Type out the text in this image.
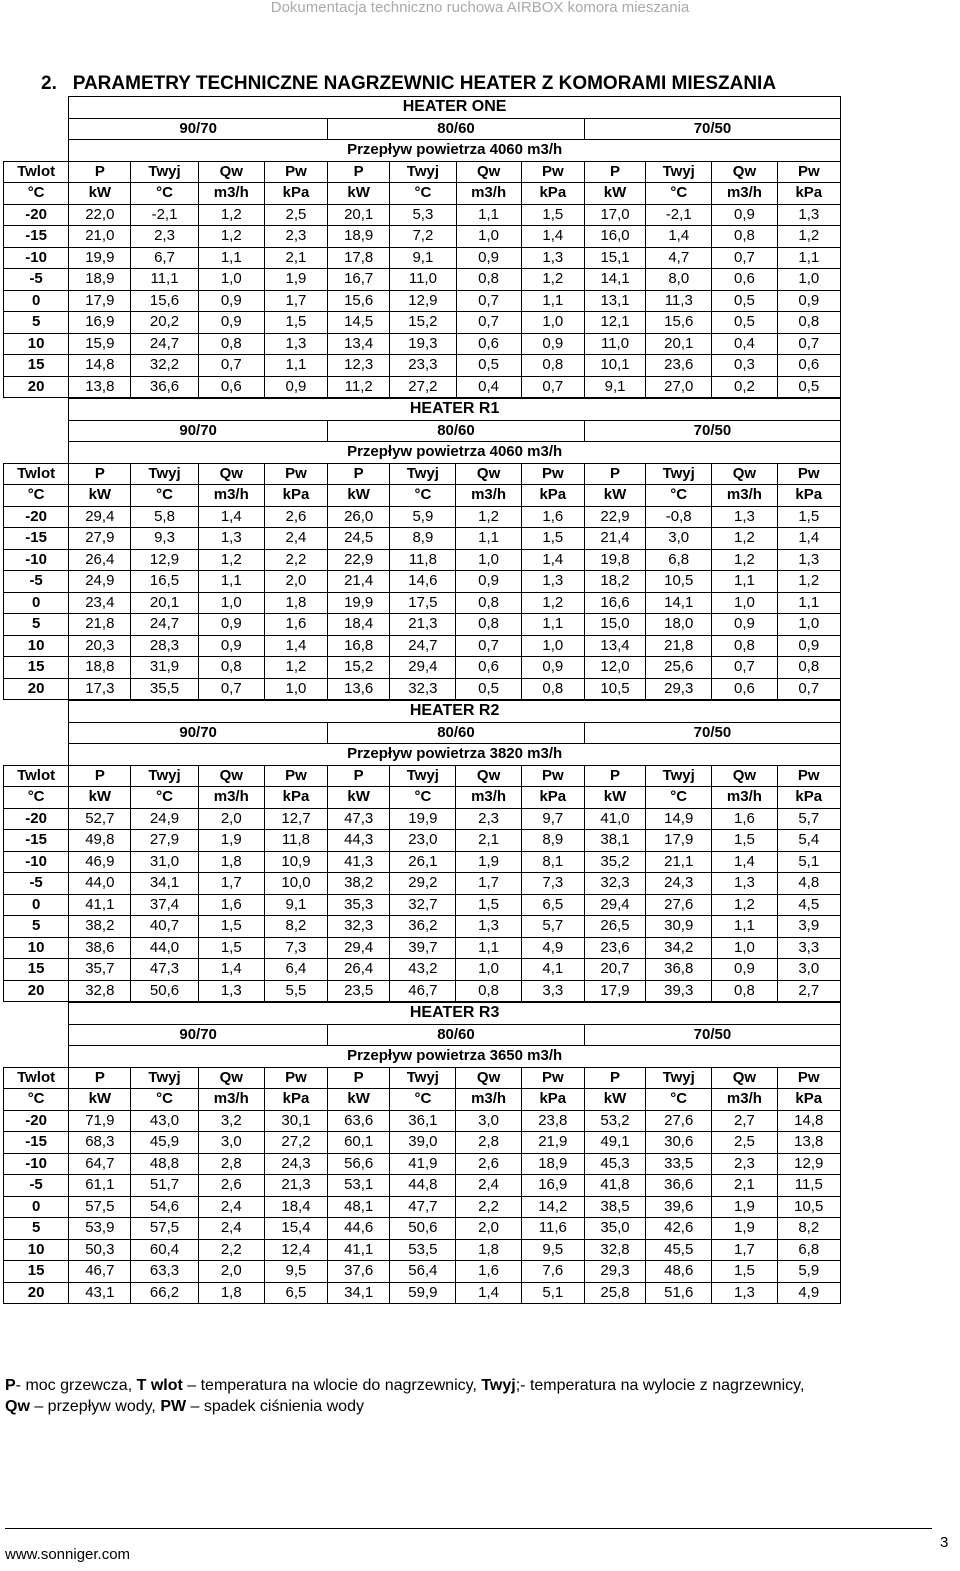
Dokumentacja techniczno ruchowa AIRBOX komora mieszania
2. PARAMETRY TECHNICZNE NAGRZEWNIC HEATER Z KOMORAMI MIESZANIA
	HEATER ONE											
	90/70				80/60				70/50			
	Przepływ powietrza 4060 m3/h											
Twlot	P	Twyj	Qw	Pw	P	Twyj	Qw	Pw	P	Twyj	Qw	Pw
°C	kW	°C	m3/h	kPa	kW	°C	m3/h	kPa	kW	°C	m3/h	kPa
-20	22,0	-2,1	1,2	2,5	20,1	5,3	1,1	1,5	17,0	-2,1	0,9	1,3
-15	21,0	2,3	1,2	2,3	18,9	7,2	1,0	1,4	16,0	1,4	0,8	1,2
-10	19,9	6,7	1,1	2,1	17,8	9,1	0,9	1,3	15,1	4,7	0,7	1,1
-5	18,9	11,1	1,0	1,9	16,7	11,0	0,8	1,2	14,1	8,0	0,6	1,0
0	17,9	15,6	0,9	1,7	15,6	12,9	0,7	1,1	13,1	11,3	0,5	0,9
5	16,9	20,2	0,9	1,5	14,5	15,2	0,7	1,0	12,1	15,6	0,5	0,8
10	15,9	24,7	0,8	1,3	13,4	19,3	0,6	0,9	11,0	20,1	0,4	0,7
15	14,8	32,2	0,7	1,1	12,3	23,3	0,5	0,8	10,1	23,6	0,3	0,6
20	13,8	36,6	0,6	0,9	11,2	27,2	0,4	0,7	9,1	27,0	0,2	0,5
	HEATER R1											
	90/70				80/60				70/50			
	Przepływ powietrza 4060 m3/h											
Twlot	P	Twyj	Qw	Pw	P	Twyj	Qw	Pw	P	Twyj	Qw	Pw
°C	kW	°C	m3/h	kPa	kW	°C	m3/h	kPa	kW	°C	m3/h	kPa
-20	29,4	5,8	1,4	2,6	26,0	5,9	1,2	1,6	22,9	-0,8	1,3	1,5
-15	27,9	9,3	1,3	2,4	24,5	8,9	1,1	1,5	21,4	3,0	1,2	1,4
-10	26,4	12,9	1,2	2,2	22,9	11,8	1,0	1,4	19,8	6,8	1,2	1,3
-5	24,9	16,5	1,1	2,0	21,4	14,6	0,9	1,3	18,2	10,5	1,1	1,2
0	23,4	20,1	1,0	1,8	19,9	17,5	0,8	1,2	16,6	14,1	1,0	1,1
5	21,8	24,7	0,9	1,6	18,4	21,3	0,8	1,1	15,0	18,0	0,9	1,0
10	20,3	28,3	0,9	1,4	16,8	24,7	0,7	1,0	13,4	21,8	0,8	0,9
15	18,8	31,9	0,8	1,2	15,2	29,4	0,6	0,9	12,0	25,6	0,7	0,8
20	17,3	35,5	0,7	1,0	13,6	32,3	0,5	0,8	10,5	29,3	0,6	0,7
	HEATER R2											
	90/70				80/60				70/50			
	Przepływ powietrza 3820 m3/h											
Twlot	P	Twyj	Qw	Pw	P	Twyj	Qw	Pw	P	Twyj	Qw	Pw
°C	kW	°C	m3/h	kPa	kW	°C	m3/h	kPa	kW	°C	m3/h	kPa
-20	52,7	24,9	2,0	12,7	47,3	19,9	2,3	9,7	41,0	14,9	1,6	5,7
-15	49,8	27,9	1,9	11,8	44,3	23,0	2,1	8,9	38,1	17,9	1,5	5,4
-10	46,9	31,0	1,8	10,9	41,3	26,1	1,9	8,1	35,2	21,1	1,4	5,1
-5	44,0	34,1	1,7	10,0	38,2	29,2	1,7	7,3	32,3	24,3	1,3	4,8
0	41,1	37,4	1,6	9,1	35,3	32,7	1,5	6,5	29,4	27,6	1,2	4,5
5	38,2	40,7	1,5	8,2	32,3	36,2	1,3	5,7	26,5	30,9	1,1	3,9
10	38,6	44,0	1,5	7,3	29,4	39,7	1,1	4,9	23,6	34,2	1,0	3,3
15	35,7	47,3	1,4	6,4	26,4	43,2	1,0	4,1	20,7	36,8	0,9	3,0
20	32,8	50,6	1,3	5,5	23,5	46,7	0,8	3,3	17,9	39,3	0,8	2,7
	HEATER R3											
	90/70				80/60				70/50			
	Przepływ powietrza 3650 m3/h											
Twlot	P	Twyj	Qw	Pw	P	Twyj	Qw	Pw	P	Twyj	Qw	Pw
°C	kW	°C	m3/h	kPa	kW	°C	m3/h	kPa	kW	°C	m3/h	kPa
-20	71,9	43,0	3,2	30,1	63,6	36,1	3,0	23,8	53,2	27,6	2,7	14,8
-15	68,3	45,9	3,0	27,2	60,1	39,0	2,8	21,9	49,1	30,6	2,5	13,8
-10	64,7	48,8	2,8	24,3	56,6	41,9	2,6	18,9	45,3	33,5	2,3	12,9
-5	61,1	51,7	2,6	21,3	53,1	44,8	2,4	16,9	41,8	36,6	2,1	11,5
0	57,5	54,6	2,4	18,4	48,1	47,7	2,2	14,2	38,5	39,6	1,9	10,5
5	53,9	57,5	2,4	15,4	44,6	50,6	2,0	11,6	35,0	42,6	1,9	8,2
10	50,3	60,4	2,2	12,4	41,1	53,5	1,8	9,5	32,8	45,5	1,7	6,8
15	46,7	63,3	2,0	9,5	37,6	56,4	1,6	7,6	29,3	48,6	1,5	5,9
20	43,1	66,2	1,8	6,5	34,1	59,9	1,4	5,1	25,8	51,6	1,3	4,9
P- moc grzewcza, T wlot – temperatura na wlocie do nagrzewnicy, Twyj;- temperatura na wylocie z nagrzewnicy,
Qw – przepływ wody, PW – spadek ciśnienia wody
www.sonniger.com
3
